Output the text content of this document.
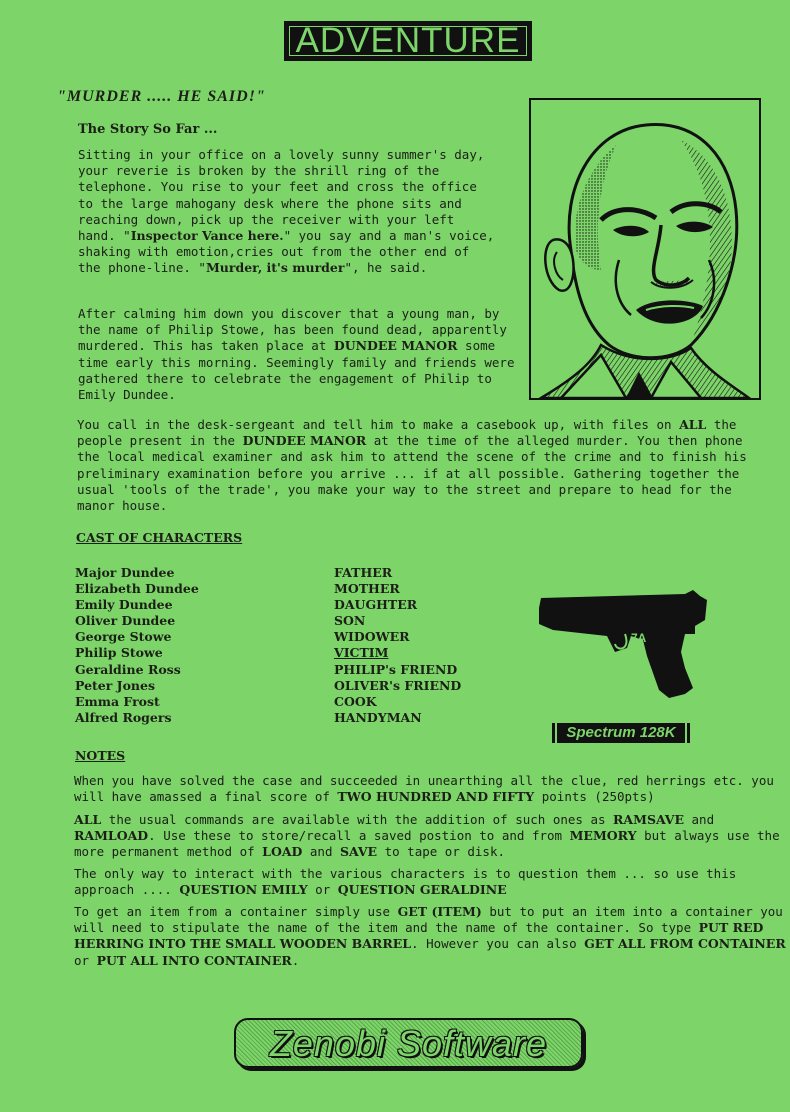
ADVENTURE
"MURDER ..... HE SAID!"
The Story So Far ...

Sitting in your office on a lovely sunny summer's day, your reverie is broken by the shrill ring of the telephone. You rise to your feet and cross the office to the large mahogany desk where the phone sits and reaching down, pick up the receiver with your left hand. "Inspector Vance here." you say and a man's voice, shaking with emotion,cries out from the other end of the phone-line. "Murder, it's murder", he said.

After calming him down you discover that a young man, by the name of Philip Stowe, has been found dead, apparently murdered. This has taken place at DUNDEE MANOR some time early this morning. Seemingly family and friends were gathered there to celebrate the engagement of Philip to Emily Dundee.

You call in the desk-sergeant and tell him to make a casebook up, with files on ALL the people present in the DUNDEE MANOR at the time of the alleged murder. You then phone the local medical examiner and ask him to attend the scene of the crime and to finish his preliminary examination before you arrive ... if at all possible. Gathering together the usual 'tools of the trade', you make your way to the street and prepare to head for the manor house.

CAST OF CHARACTERS
Major Dundee
Elizabeth Dundee
Emily Dundee
Oliver Dundee
George Stowe
Philip Stowe
Geraldine Ross
Peter Jones
Emma Frost
Alfred Rogers
FATHER
MOTHER
DAUGHTER
SON
WIDOWER
VICTIM
PHILIP's FRIEND
OLIVER's FRIEND
COOK
HANDYMAN
7A
Spectrum 128K
NOTES

When you have solved the case and succeeded in unearthing all the clue, red herrings etc. you will have amassed a final score of TWO HUNDRED AND FIFTY points (250pts)

ALL the usual commands are available with the addition of such ones as RAMSAVE and RAMLOAD. Use these to store/recall a saved postion to and from MEMORY but always use the more permanent method of LOAD and SAVE to tape or disk.

The only way to interact with the various characters is to question them ... so use this approach .... QUESTION EMILY or QUESTION GERALDINE

To get an item from a container simply use GET (ITEM) but to put an item into a container you will need to stipulate the name of the item and the name of the container. So type PUT RED HERRING INTO THE SMALL WOODEN BARREL. However you can also GET ALL FROM CONTAINER or PUT ALL INTO CONTAINER.

Zenobi Software
